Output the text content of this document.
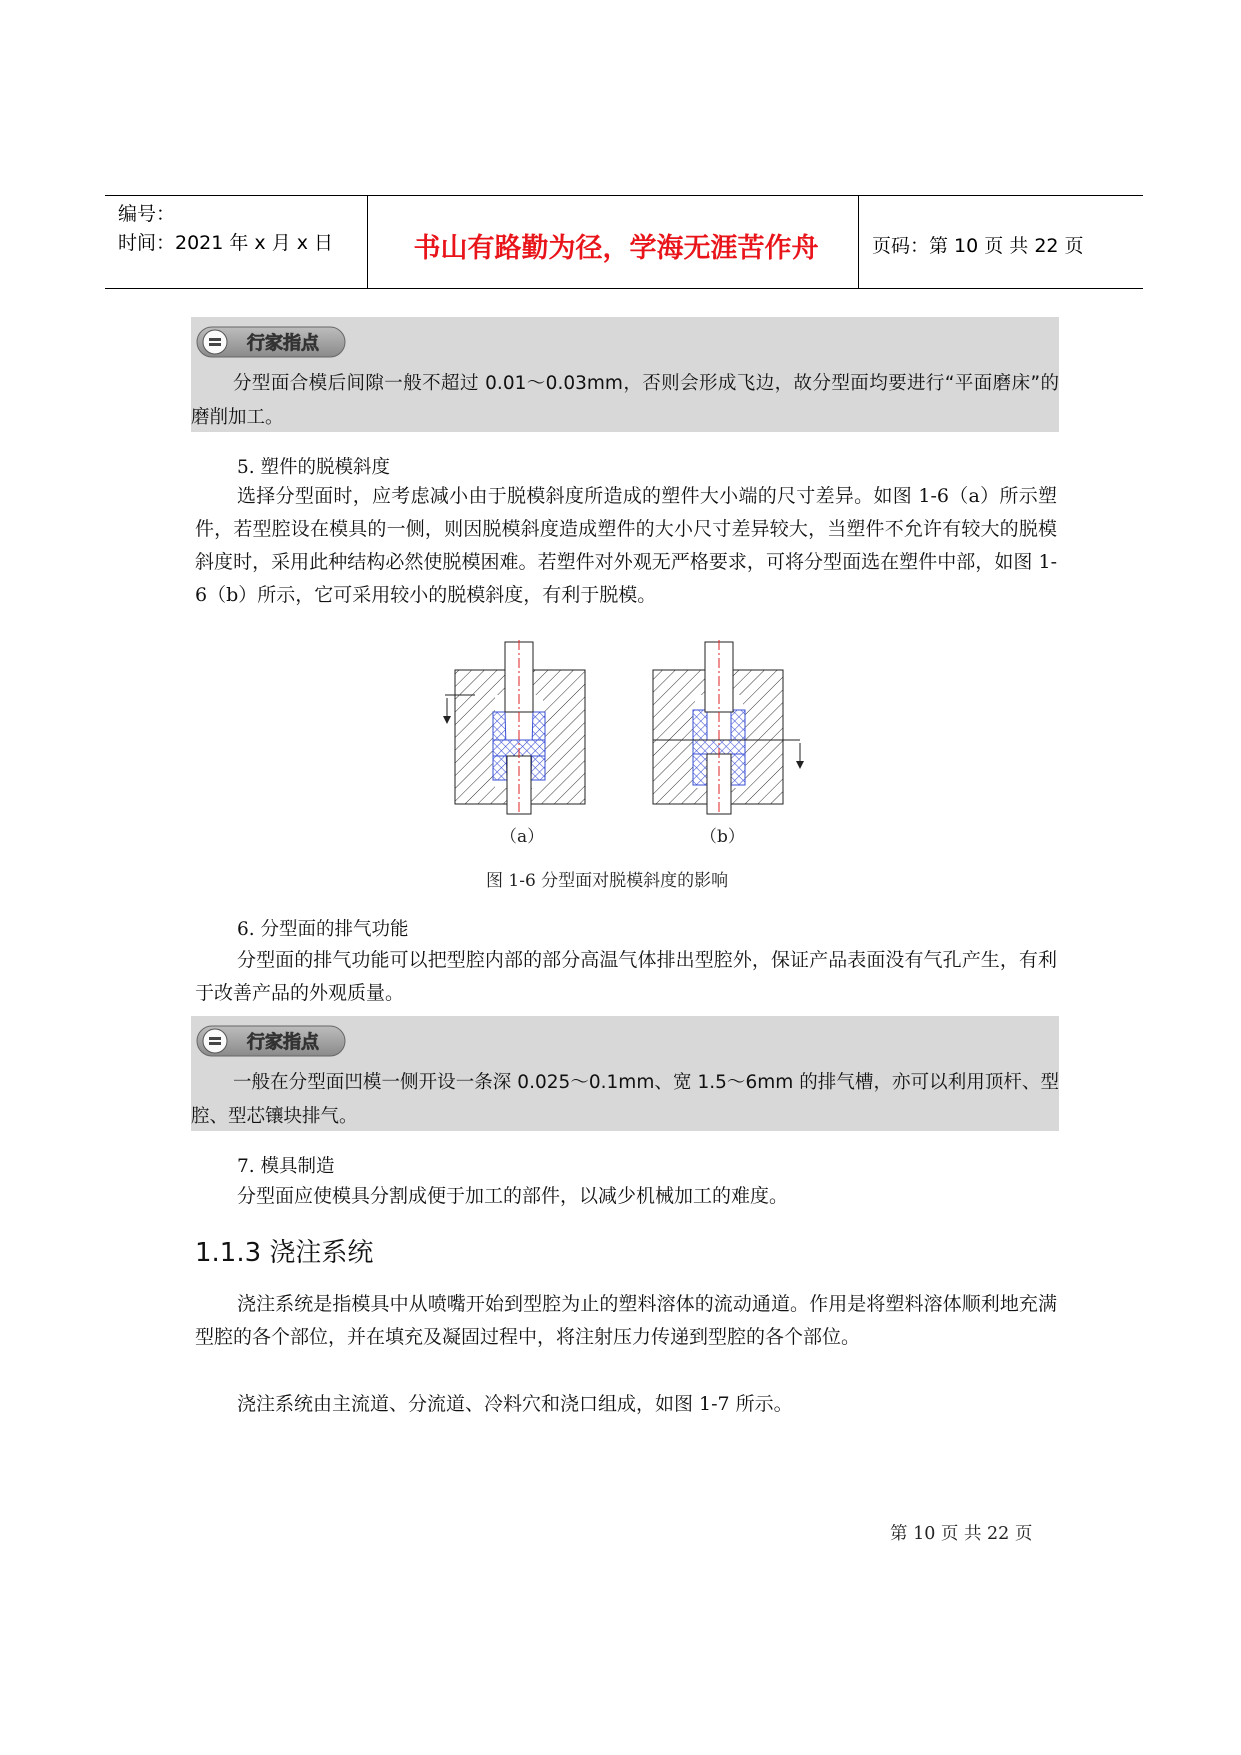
编号：
时间：2021 年 x 月 x 日	书山有路勤为径，学海无涯苦作舟	页码：第 10 页 共 22 页
行家指点
分型面合模后间隙一般不超过 0.01～0.03mm，否则会形成飞边，故分型面均要进行“平面磨床”的磨削加工。
5. 塑件的脱模斜度
选择分型面时，应考虑减小由于脱模斜度所造成的塑件大小端的尺寸差异。如图 1-6（a）所示塑件，若型腔设在模具的一侧，则因脱模斜度造成塑件的大小尺寸差异较大，当塑件不允许有较大的脱模斜度时，采用此种结构必然使脱模困难。若塑件对外观无严格要求，可将分型面选在塑件中部，如图 1-6（b）所示，它可采用较小的脱模斜度，有利于脱模。
（a）	（b）
图 1-6 分型面对脱模斜度的影响
6. 分型面的排气功能
分型面的排气功能可以把型腔内部的部分高温气体排出型腔外，保证产品表面没有气孔产生，有利于改善产品的外观质量。
行家指点
一般在分型面凹模一侧开设一条深 0.025～0.1mm、宽 1.5～6mm 的排气槽，亦可以利用顶杆、型腔、型芯镶块排气。
7. 模具制造
分型面应使模具分割成便于加工的部件，以减少机械加工的难度。
1.1.3 浇注系统
浇注系统是指模具中从喷嘴开始到型腔为止的塑料溶体的流动通道。作用是将塑料溶体顺利地充满型腔的各个部位，并在填充及凝固过程中，将注射压力传递到型腔的各个部位。
浇注系统由主流道、分流道、冷料穴和浇口组成，如图 1-7 所示。
第 10 页 共 22 页
